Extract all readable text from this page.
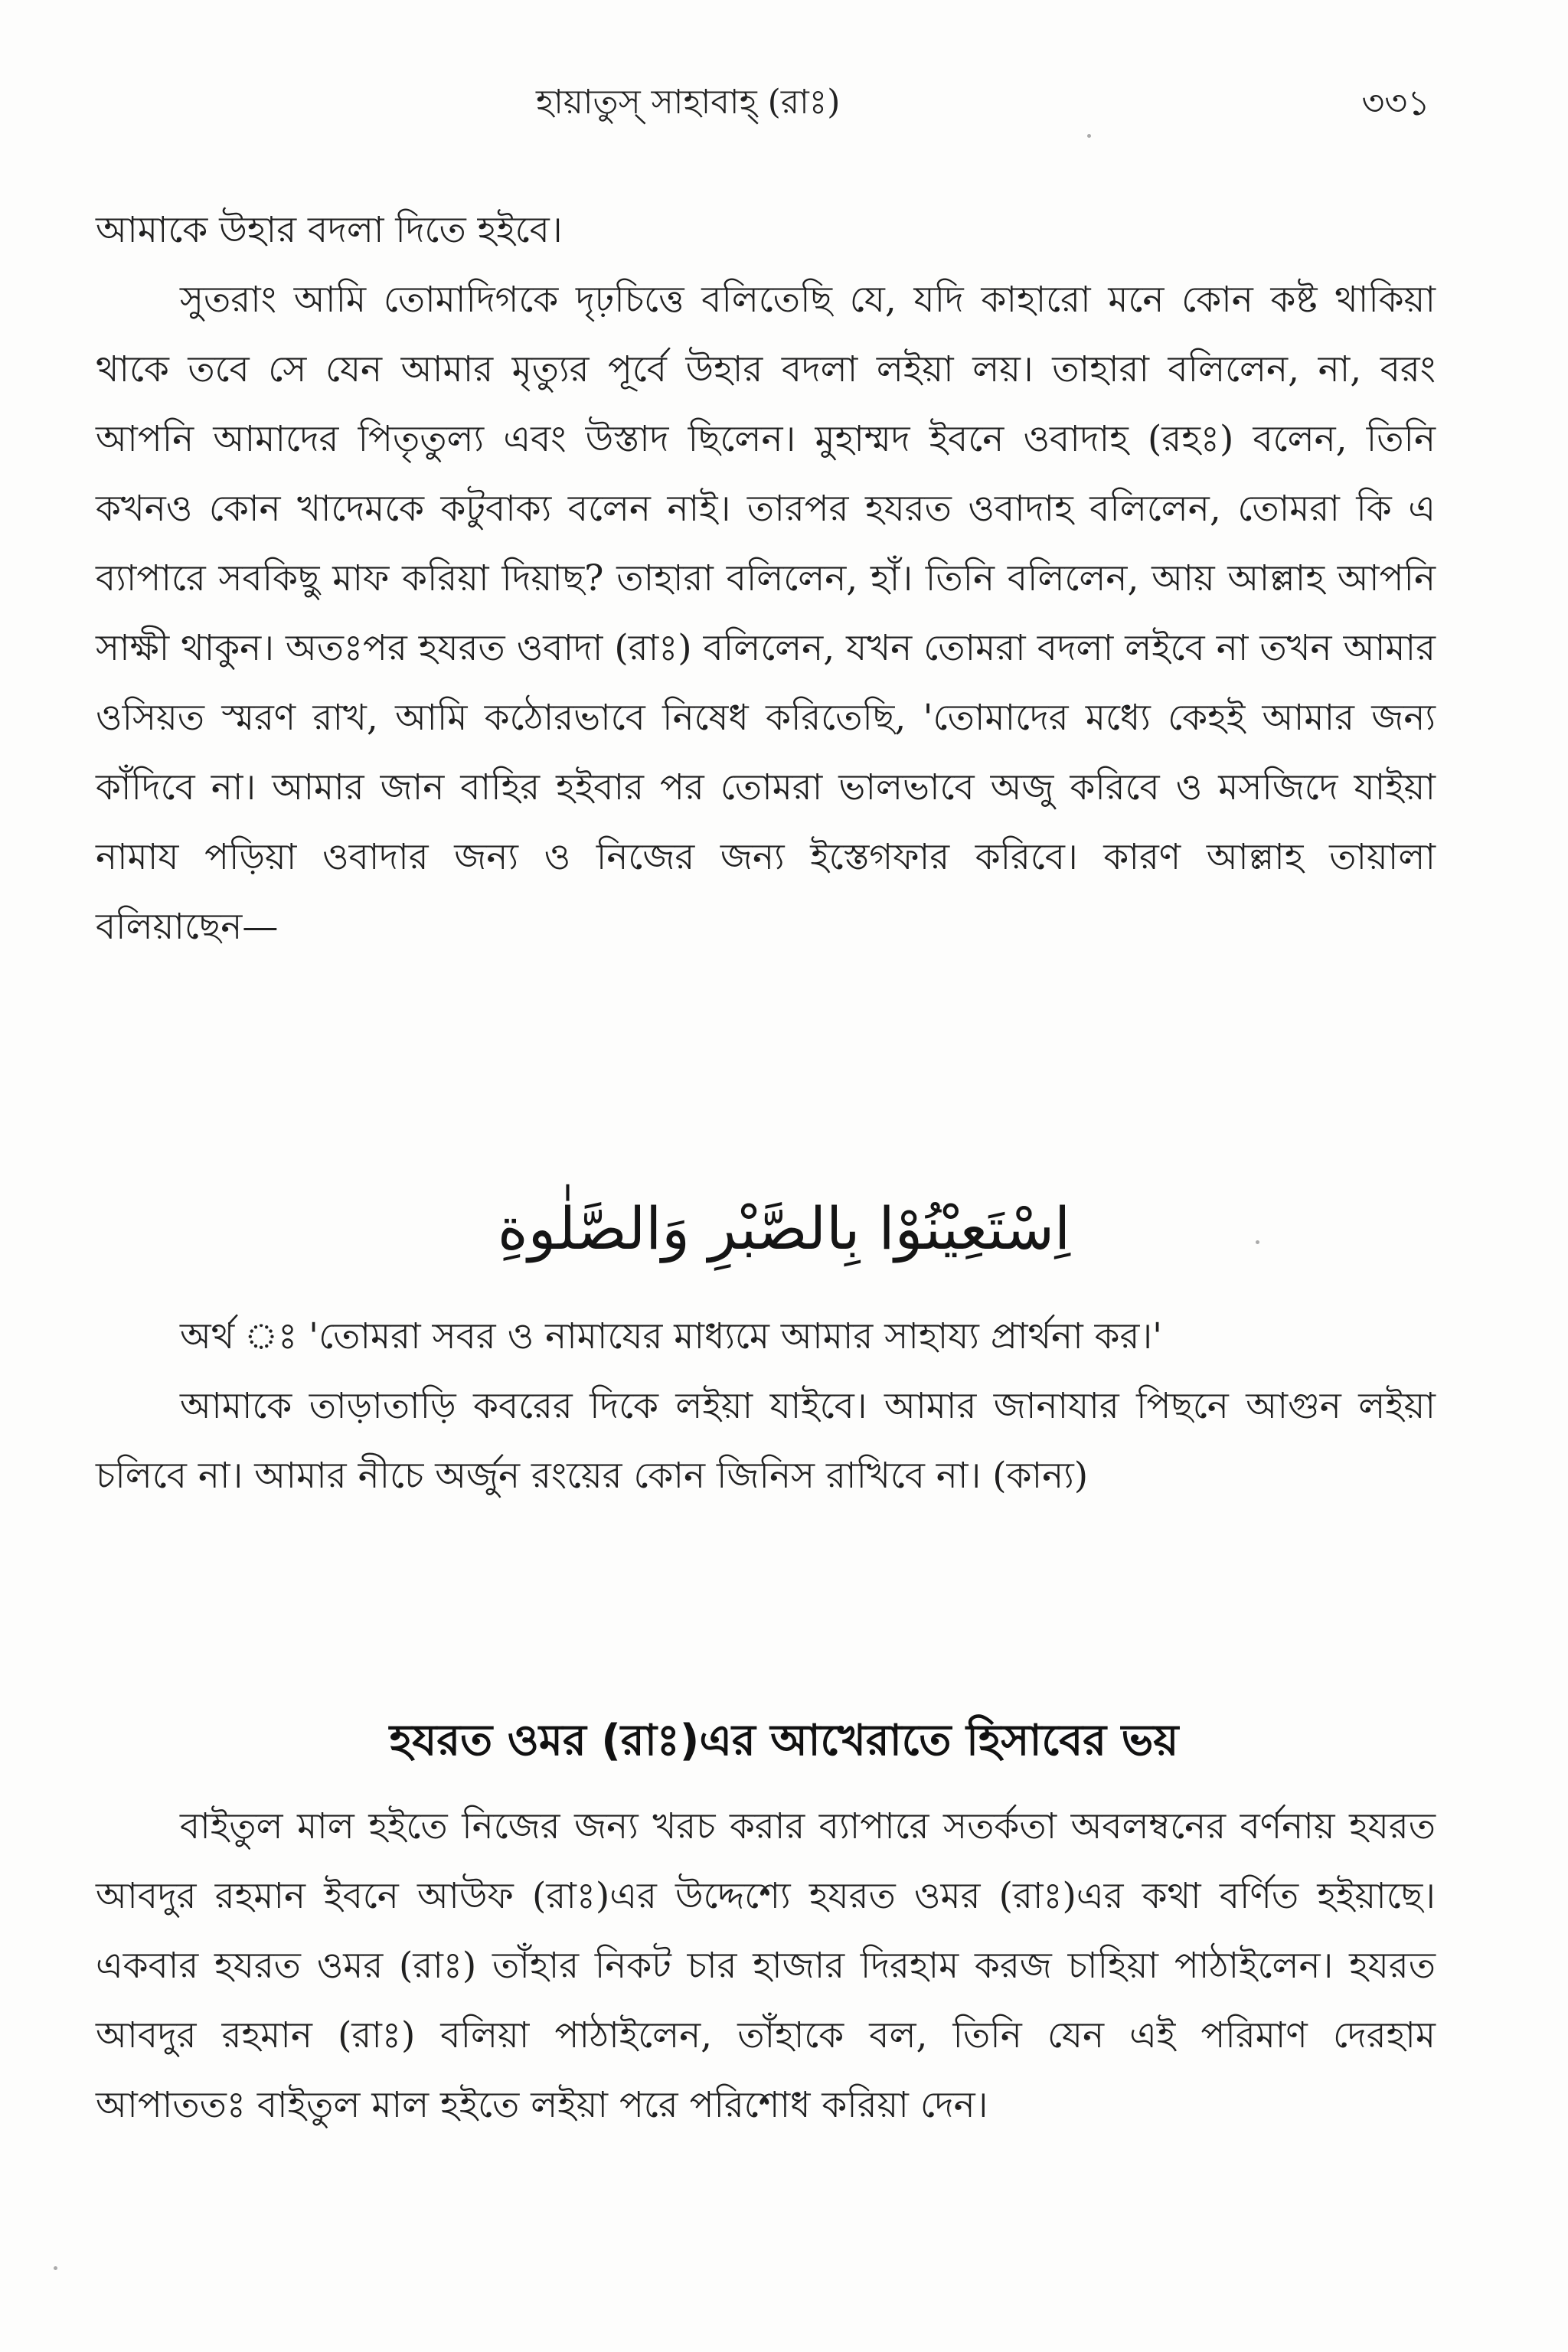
হায়াতুস্ সাহাবাহ্ (রাঃ)	৩৩১

আমাকে উহার বদলা দিতে হইবে।

সুতরাং আমি তোমাদিগকে দৃঢ়চিত্তে বলিতেছি যে, যদি কাহারো মনে কোন কষ্ট থাকিয়া থাকে তবে সে যেন আমার মৃত্যুর পূর্বে উহার বদলা লইয়া লয়। তাহারা বলিলেন, না, বরং আপনি আমাদের পিতৃতুল্য এবং উস্তাদ ছিলেন। মুহাম্মদ ইবনে ওবাদাহ (রহঃ) বলেন, তিনি কখনও কোন খাদেমকে কটুবাক্য বলেন নাই। তারপর হযরত ওবাদাহ বলিলেন, তোমরা কি এ ব্যাপারে সবকিছু মাফ করিয়া দিয়াছ? তাহারা বলিলেন, হাঁ। তিনি বলিলেন, আয় আল্লাহ আপনি সাক্ষী থাকুন। অতঃপর হযরত ওবাদা (রাঃ) বলিলেন, যখন তোমরা বদলা লইবে না তখন আমার ওসিয়ত স্মরণ রাখ, আমি কঠোরভাবে নিষেধ করিতেছি, 'তোমাদের মধ্যে কেহই আমার জন্য কাঁদিবে না। আমার জান বাহির হইবার পর তোমরা ভালভাবে অজু করিবে ও মসজিদে যাইয়া নামায পড়িয়া ওবাদার জন্য ও নিজের জন্য ইস্তেগফার করিবে। কারণ আল্লাহ তায়ালা বলিয়াছেন—

اِسْتَعِيْنُوْا بِالصَّبْرِ وَالصَّلٰوةِ

অর্থ ঃ 'তোমরা সবর ও নামাযের মাধ্যমে আমার সাহায্য প্রার্থনা কর।'

আমাকে তাড়াতাড়ি কবরের দিকে লইয়া যাইবে। আমার জানাযার পিছনে আগুন লইয়া চলিবে না। আমার নীচে অর্জুন রংয়ের কোন জিনিস রাখিবে না। (কান্য)

হযরত ওমর (রাঃ)এর আখেরাতে হিসাবের ভয়

বাইতুল মাল হইতে নিজের জন্য খরচ করার ব্যাপারে সতর্কতা অবলম্বনের বর্ণনায় হযরত আবদুর রহমান ইবনে আউফ (রাঃ)এর উদ্দেশ্যে হযরত ওমর (রাঃ)এর কথা বর্ণিত হইয়াছে। একবার হযরত ওমর (রাঃ) তাঁহার নিকট চার হাজার দিরহাম করজ চাহিয়া পাঠাইলেন। হযরত আবদুর রহমান (রাঃ) বলিয়া পাঠাইলেন, তাঁহাকে বল, তিনি যেন এই পরিমাণ দেরহাম আপাততঃ বাইতুল মাল হইতে লইয়া পরে পরিশোধ করিয়া দেন।
